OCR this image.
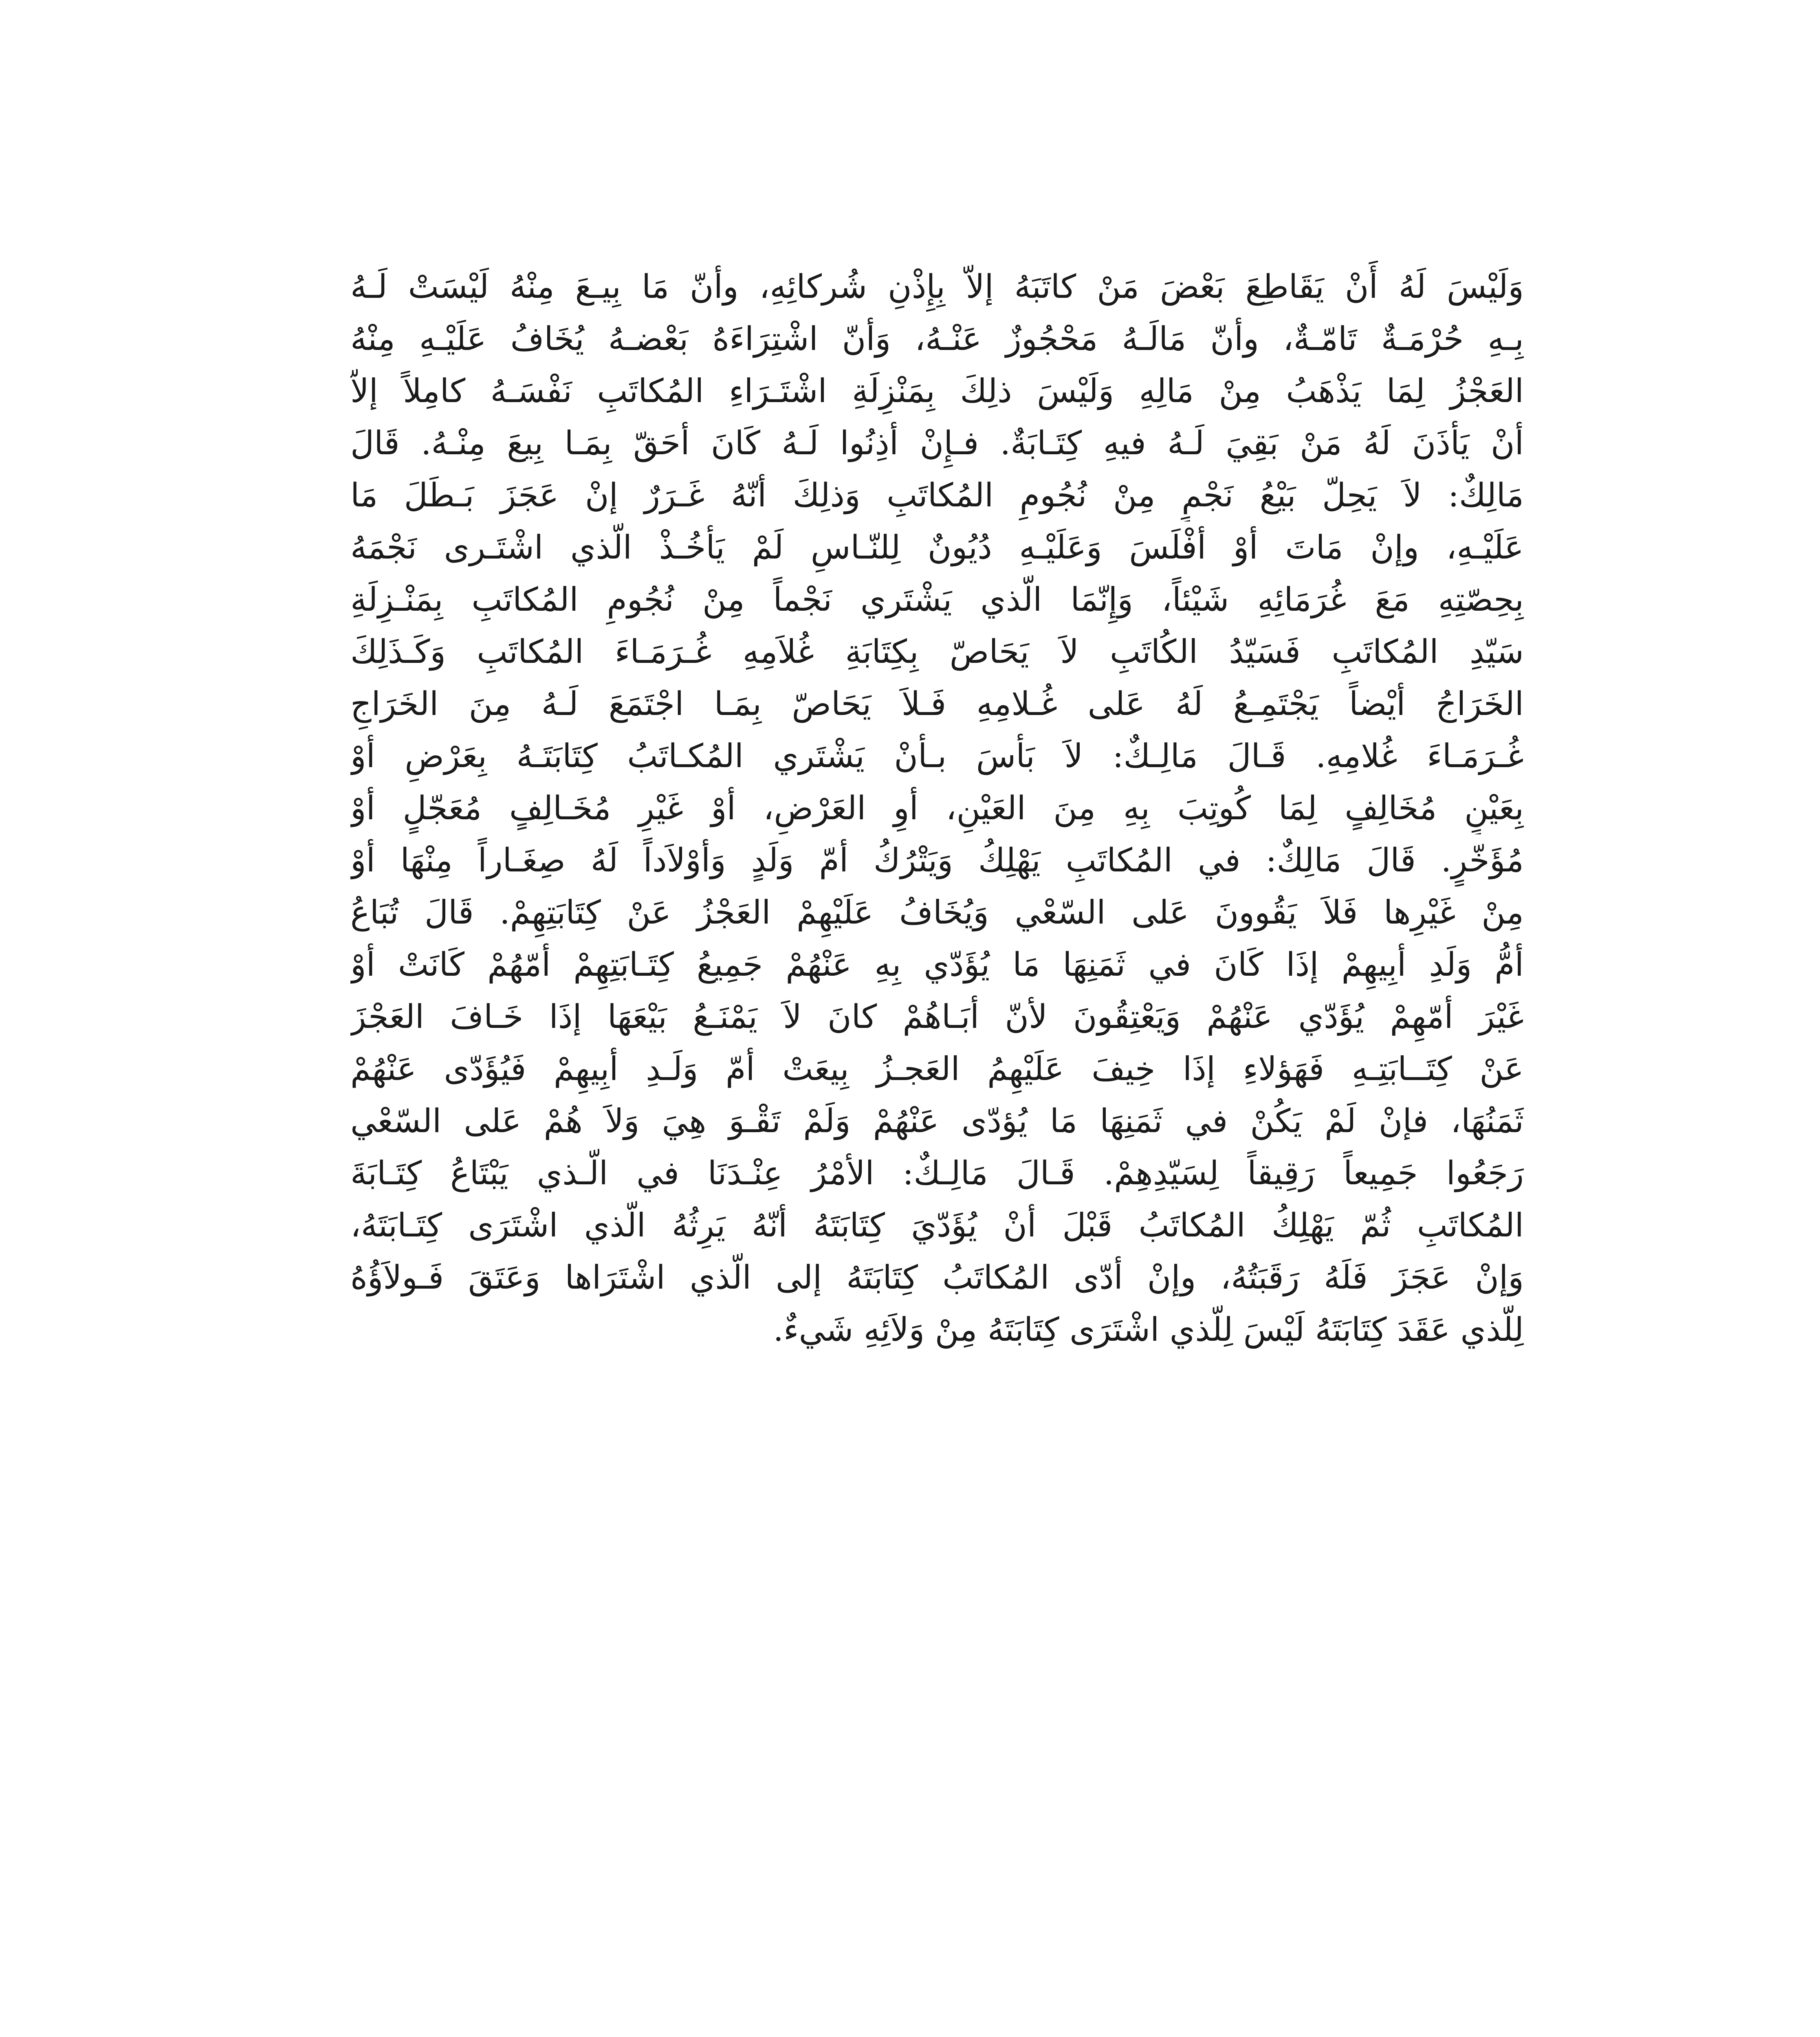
وَلَيْسَ لَهُ أَنْ يَقَاطِعَ بَعْضَ مَنْ كاتَبَهُ إلاّ بِإِذْنِ شُركائِهِ، وأنّ مَا بِيـعَ مِنْهُ لَيْسَتْ لَـهُ
بِـهِ حُرْمَـةٌ تَامّـةٌ، وأنّ مَالَـهُ مَحْجُوزٌ عَنْـهُ، وَأنّ اشْتِرَاءَهُ بَعْضـهُ يُخَافُ عَلَيْـهِ مِنْهُ
العَجْزُ لِمَا يَذْهَبُ مِنْ مَالِهِ وَلَيْسَ ذلِكَ بِمَنْزِلَةِ اشْتَـرَاءِ المُكاتَبِ نَفْسَـهُ كامِلاً إلاّ
أنْ يَأذَنَ لَهُ مَنْ بَقِيَ لَـهُ فيهِ كِتَـابَةٌ. فـإِنْ أذِنُوا لَـهُ كَانَ أحَقّ بِمَـا بِيعَ مِنْـهُ. قَالَ
مَالِكٌ: لاَ يَحِلّ بَيْعُ نَجْمٍ مِنْ نُجُومِ المُكاتَبِ وَذلِكَ أنّهُ غَـرَرٌ إنْ عَجَزَ بَـطَلَ مَا
عَلَيْـهِ، وإنْ مَاتَ أوْ أفْلَسَ وَعَلَيْـهِ دُيُونٌ لِلنّـاسِ لَمْ يَأخُـذْ الّذي اشْتَـرى نَجْمَهُ
بِحِصّتِهِ مَعَ غُرَمَائِهِ شَيْئاً، وَإِنّمَا الّذي يَشْتَري نَجْماً مِنْ نُجُومِ المُكاتَبِ بِمَنْـزِلَةِ
سَيّدِ المُكاتَبِ فَسَيّدُ الكُاتَبِ لاَ يَحَاصّ بِكِتَابَةِ غُلاَمِهِ غُـرَمَـاءَ المُكاتَبِ وَكَـذَلِكَ
الخَرَاجُ أيْضاً يَجْتَمِـعُ لَهُ عَلى غُـلامِهِ فَـلاَ يَحَاصّ بِمَـا اجْتَمَعَ لَـهُ مِنَ الخَرَاجِ
غُـرَمَـاءَ غُلامِهِ. قَـالَ مَالِـكٌ: لاَ بَأسَ بـأنْ يَشْتَري المُكـاتَبُ كِتَابَتَـهُ بِعَرْضٍ أوْ
بِعَيْنٍ مُخَالِفٍ لِمَا كُوتِبَ بِهِ مِنَ العَيْنِ، أوِ العَرْضِ، أوْ غَيْرِ مُخَـالِفٍ مُعَجّلٍ أوْ
مُؤَخّرٍ. قَالَ مَالِكٌ: في المُكاتَبِ يَهْلِكُ وَيَتْرُكُ أمّ وَلَدٍ وَأوْلاَداً لَهُ صِغَـاراً مِنْهَا أوْ
مِنْ غَيْرِها فَلاَ يَقُوونَ عَلى السّعْي وَيُخَافُ عَلَيْهِمْ العَجْزُ عَنْ كِتَابَتِهِمْ. قَالَ تُبَاعُ
أمُّ وَلَدِ أبِيهِمْ إذَا كَانَ في ثَمَنِهَا مَا يُؤَدّي بِهِ عَنْهُمْ جَمِيعُ كِتَـابَتِهِمْ أمّهُمْ كَانَتْ أوْ
غَيْرَ أمّهِمْ يُؤَدّي عَنْهُمْ وَيَعْتِقُونَ لأنّ أبَـاهُمْ كانَ لاَ يَمْنَـعُ بَيْعَهَا إذَا خَـافَ العَجْزَ
عَنْ كِتَــابَتِـهِ فَهَؤلاءِ إذَا خِيفَ عَلَيْهِمُ العَجـزُ بِيعَتْ أمّ وَلَـدِ أبِيهِمْ فَيُؤَدّى عَنْهُمْ
ثَمَنُهَا، فإنْ لَمْ يَكُنْ في ثَمَنِهَا مَا يُؤدّى عَنْهُمْ وَلَمْ تَقْـوَ هِيَ وَلاَ هُمْ عَلى السّعْي
رَجَعُوا جَمِيعاً رَقِيقاً لِسَيّدِهِمْ. قَـالَ مَالِـكٌ: الأمْرُ عِنْـدَنَا في الّـذي يَبْتَاعُ كِتَـابَةَ
المُكاتَبِ ثُمّ يَهْلِكُ المُكاتَبُ قَبْلَ أنْ يُؤَدّيَ كِتَابَتَهُ أنّهُ يَرِثُهُ الّذي اشْتَرَى كِتَـابَتَهُ،
وَإنْ عَجَزَ فَلَهُ رَقَبَتُهُ، وإنْ أدّى المُكاتَبُ كِتَابَتَهُ إلى الّذي اشْتَرَاها وَعَتَقَ فَـولاَؤُهُ
لِلّذي عَقَدَ كِتَابَتَهُ لَيْسَ لِلّذي اشْتَرَى كِتَابَتَهُ مِنْ وَلاَئِهِ شَيءٌ.
